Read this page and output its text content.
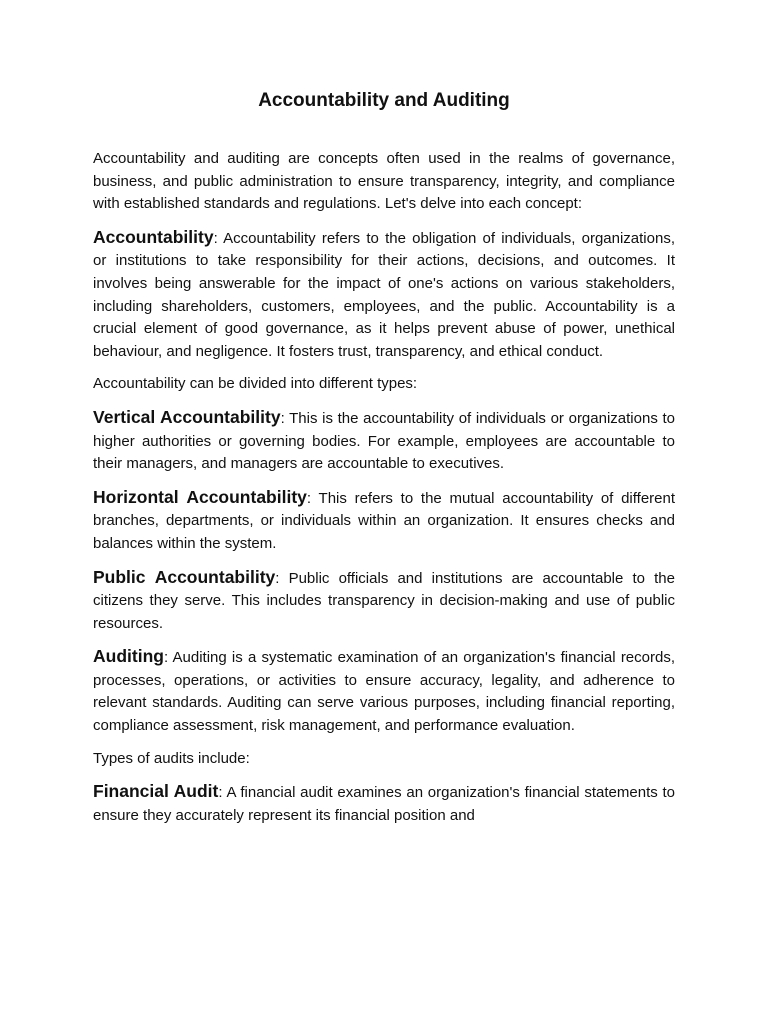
Accountability and Auditing

Accountability and auditing are concepts often used in the realms of governance, business, and public administration to ensure transparency, integrity, and compliance with established standards and regulations. Let's delve into each concept:

Accountability: Accountability refers to the obligation of individuals, organizations, or institutions to take responsibility for their actions, decisions, and outcomes. It involves being answerable for the impact of one's actions on various stakeholders, including shareholders, customers, employees, and the public. Accountability is a crucial element of good governance, as it helps prevent abuse of power, unethical behaviour, and negligence. It fosters trust, transparency, and ethical conduct.

Accountability can be divided into different types:

Vertical Accountability: This is the accountability of individuals or organizations to higher authorities or governing bodies. For example, employees are accountable to their managers, and managers are accountable to executives.

Horizontal Accountability: This refers to the mutual accountability of different branches, departments, or individuals within an organization. It ensures checks and balances within the system.

Public Accountability: Public officials and institutions are accountable to the citizens they serve. This includes transparency in decision-making and use of public resources.

Auditing: Auditing is a systematic examination of an organization's financial records, processes, operations, or activities to ensure accuracy, legality, and adherence to relevant standards. Auditing can serve various purposes, including financial reporting, compliance assessment, risk management, and performance evaluation.

Types of audits include:

Financial Audit: A financial audit examines an organization's financial statements to ensure they accurately represent its financial position and
